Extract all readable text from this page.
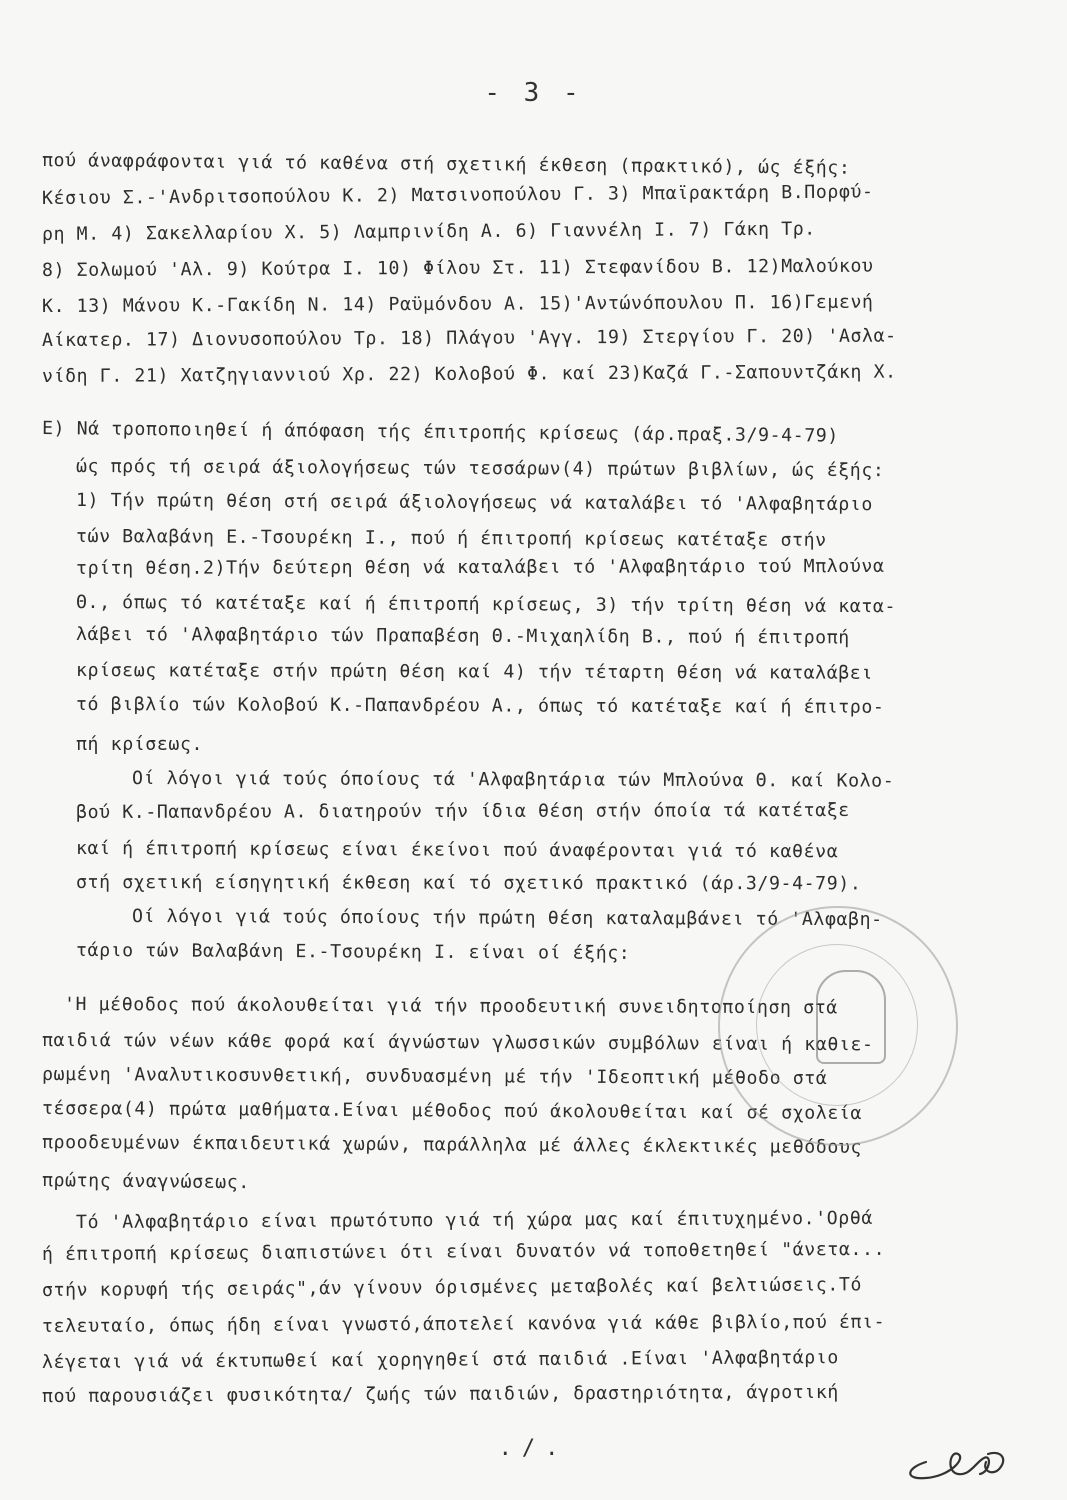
- 3 -
πού άναφράφονται γιά τό καθένα στή σχετική έκθεση (πρακτικό), ώς έξής:
Κέσιου Σ.-'Ανδριτσοπούλου Κ. 2) Ματσινοπούλου Γ. 3) Μπαϊρακτάρη Β.Πορφύ-
ρη Μ. 4) Σακελλαρίου Χ. 5) Λαμπρινίδη Α. 6) Γιαννέλη Ι. 7) Γάκη Τρ.
8) Σολωμού 'Αλ. 9) Κούτρα Ι. 10) Φίλου Στ. 11) Στεφανίδου Β. 12)Μαλούκου
Κ. 13) Μάνου Κ.-Γακίδη Ν. 14) Ραϋμόνδου Α. 15)'Αντώνόπουλου Π. 16)Γεμενή
Αίκατερ. 17) Διονυσοπούλου Τρ. 18) Πλάγου 'Αγγ. 19) Στεργίου Γ. 20) 'Ασλα-
νίδη Γ. 21) Χατζηγιαννιού Χρ. 22) Κολοβού Φ. καί 23)Καζά Γ.-Σαπουντζάκη Χ.
Ε) Νά τροποποιηθεί ή άπόφαση τής έπιτροπής κρίσεως (άρ.πραξ.3/9-4-79)
ώς πρός τή σειρά άξιολογήσεως τών τεσσάρων(4) πρώτων βιβλίων, ώς έξής:
1) Τήν πρώτη θέση στή σειρά άξιολογήσεως νά καταλάβει τό 'Αλφαβητάριο
τών Βαλαβάνη Ε.-Τσουρέκη Ι., πού ή έπιτροπή κρίσεως κατέταξε στήν
τρίτη θέση.2)Τήν δεύτερη θέση νά καταλάβει τό 'Αλφαβητάριο τού Μπλούνα
Θ., όπως τό κατέταξε καί ή έπιτροπή κρίσεως, 3) τήν τρίτη θέση νά κατα-
λάβει τό 'Αλφαβητάριο τών Πραπαβέση Θ.-Μιχαηλίδη Β., πού ή έπιτροπή
κρίσεως κατέταξε στήν πρώτη θέση καί 4) τήν τέταρτη θέση νά καταλάβει
τό βιβλίο τών Κολοβού Κ.-Παπανδρέου Α., όπως τό κατέταξε καί ή έπιτρο-
πή κρίσεως.
Οί λόγοι γιά τούς όποίους τά 'Αλφαβητάρια τών Μπλούνα Θ. καί Κολο-
βού Κ.-Παπανδρέου Α. διατηρούν τήν ίδια θέση στήν όποία τά κατέταξε
καί ή έπιτροπή κρίσεως είναι έκείνοι πού άναφέρονται γιά τό καθένα
στή σχετική είσηγητική έκθεση καί τό σχετικό πρακτικό (άρ.3/9-4-79).
Οί λόγοι γιά τούς όποίους τήν πρώτη θέση καταλαμβάνει τό 'Αλφαβη-
τάριο τών Βαλαβάνη Ε.-Τσουρέκη Ι. είναι οί έξής:
'Η μέθοδος πού άκολουθείται γιά τήν προοδευτική συνειδητοποίηση στά
παιδιά τών νέων κάθε φορά καί άγνώστων γλωσσικών συμβόλων είναι ή καθιε-
ρωμένη 'Αναλυτικοσυνθετική, συνδυασμένη μέ τήν 'Ιδεοπτική μέθοδο στά
τέσσερα(4) πρώτα μαθήματα.Είναι μέθοδος πού άκολουθείται καί σέ σχολεία
προοδευμένων έκπαιδευτικά χωρών, παράλληλα μέ άλλες έκλεκτικές μεθόδους
πρώτης άναγνώσεως.
Τό 'Αλφαβητάριο είναι πρωτότυπο γιά τή χώρα μας καί έπιτυχημένο.'Ορθά
ή έπιτροπή κρίσεως διαπιστώνει ότι είναι δυνατόν νά τοποθετηθεί "άνετα...
στήν κορυφή τής σειράς",άν γίνουν όρισμένες μεταβολές καί βελτιώσεις.Τό
τελευταίο, όπως ήδη είναι γνωστό,άποτελεί κανόνα γιά κάθε βιβλίο,πού έπι-
λέγεται γιά νά έκτυπωθεί καί χορηγηθεί στά παιδιά .Είναι 'Αλφαβητάριο
πού παρουσιάζει φυσικότητα/ ζωής τών παιδιών, δραστηριότητα, άγροτική
./.
